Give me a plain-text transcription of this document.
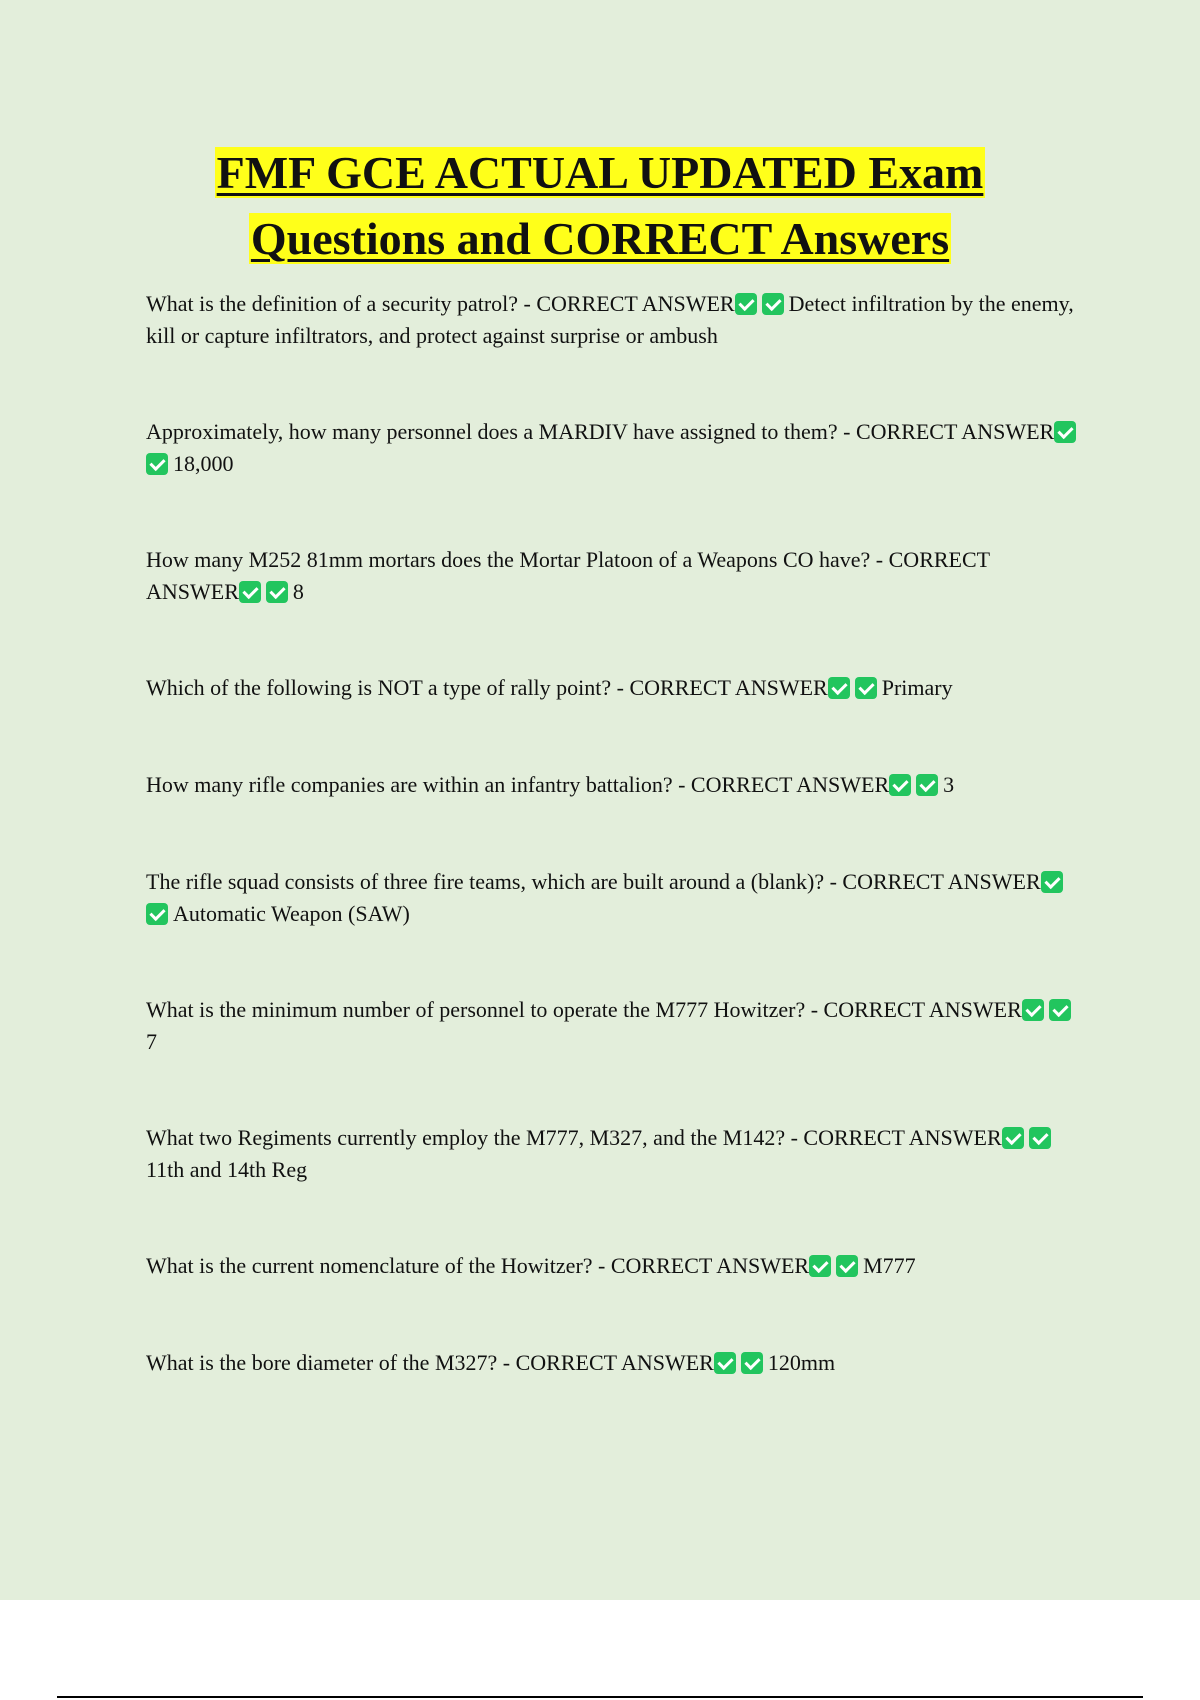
FMF GCE ACTUAL UPDATED Exam
Questions and CORRECT Answers

What is the definition of a security patrol? - CORRECT ANSWER Detect infiltration by the enemy, kill or capture infiltrators, and protect against surprise or ambush

Approximately, how many personnel does a MARDIV have assigned to them? - CORRECT ANSWER18,000

How many M252 81mm mortars does the Mortar Platoon of a Weapons CO have? - CORRECT ANSWER 8

Which of the following is NOT a type of rally point? - CORRECT ANSWER Primary

How many rifle companies are within an infantry battalion? - CORRECT ANSWER 3

The rifle squad consists of three fire teams, which are built around a (blank)? - CORRECT ANSWERAutomatic Weapon (SAW)

What is the minimum number of personnel to operate the M777 Howitzer? - CORRECT ANSWER7

What two Regiments currently employ the M777, M327, and the M142? - CORRECT ANSWER11th and 14th Reg

What is the current nomenclature of the Howitzer? - CORRECT ANSWER M777

What is the bore diameter of the M327? - CORRECT ANSWER 120mm
